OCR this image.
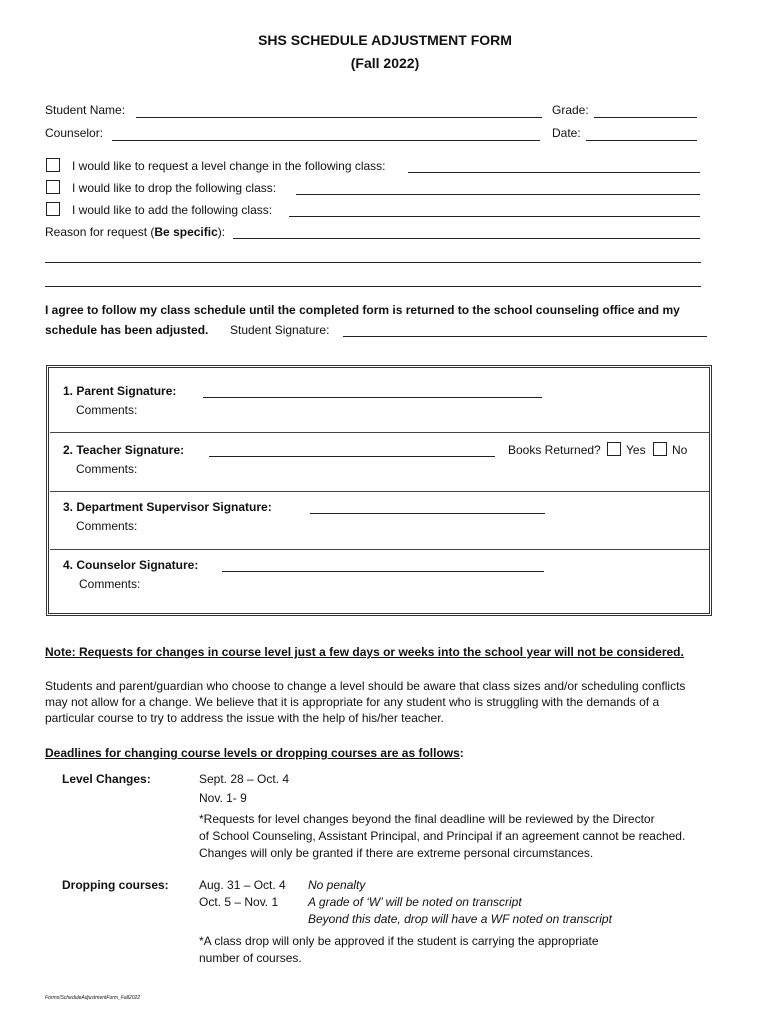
SHS SCHEDULE ADJUSTMENT FORM
(Fall 2022)
Student Name:	Grade:
Counselor:	Date:
I would like to request a level change in the following class:
I would like to drop the following class:
I would like to add the following class:
Reason for request (Be specific):
I agree to follow my class schedule until the completed form is returned to the school counseling office and my
schedule has been adjusted. Student Signature:
1. Parent Signature:
Comments:
2. Teacher Signature:	Books Returned? Yes No
Comments:
3. Department Supervisor Signature:
Comments:
4. Counselor Signature:
Comments:
Note: Requests for changes in course level just a few days or weeks into the school year will not be considered.
Students and parent/guardian who choose to change a level should be aware that class sizes and/or scheduling conflicts
may not allow for a change. We believe that it is appropriate for any student who is struggling with the demands of a
particular course to try to address the issue with the help of his/her teacher.
Deadlines for changing course levels or dropping courses are as follows:
Level Changes:	Sept. 28 – Oct. 4
Nov. 1- 9
*Requests for level changes beyond the final deadline will be reviewed by the Director
of School Counseling, Assistant Principal, and Principal if an agreement cannot be reached.
Changes will only be granted if there are extreme personal circumstances.
Dropping courses:	Aug. 31 – Oct. 4 No penalty
Oct. 5 – Nov. 1 A grade of ‘W’ will be noted on transcript
Beyond this date, drop will have a WF noted on transcript
*A class drop will only be approved if the student is carrying the appropriate
number of courses.
Forms/ScheduleAdjustmentForm_Fall2022
